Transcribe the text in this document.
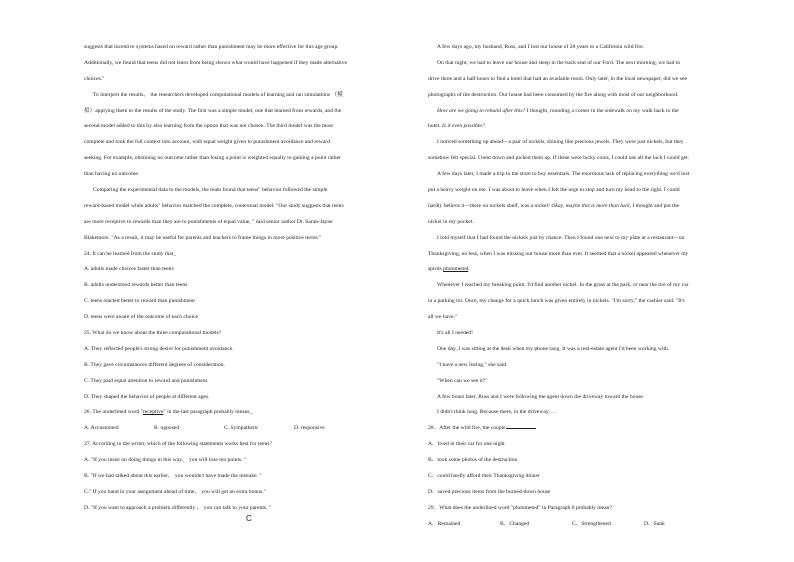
suggests that incentive systems based on reward rather than punishment may be more effective for this age group.
Additionally, we found that teens did not learn from being shown what would have happened if they made alternative
choices."
To interpret the results， the researchers developed computational models of learning and ran simulations （模
拟）applying them to the results of the study. The first was a simple model, one that learned from rewards, and the
second model added to this by also learning from the option that was not chosen. The third model was the most
complete and took the full context into account, with equal weight given to punishment avoidance and reward
seeking. For example, obtaining no outcome rather than losing a point is weighted equally to gaining a point rather
than having no outcome.
Comparing the experimental data to the models, the team found that teens" behavior followed the simple
reward-based model while adults" behavior matched the complete, contextual model. "Our study suggests that teens
are more receptive to rewards than they are to punishments of equal value, " said senior author Dr. Sarah-Jayne
Blakemore. "As a result, it may be useful for parents and teachers to frame things in more positive terms."
24. It can be learned from the study that_
A. adults made choices faster than teens
B. adults understood rewards better than teens
C. teens reacted better to reward than punishment
D. teens were aware of the outcome of each choice
25. What do we know about the three computational models?
A. They reflected people's strong desire for punishment avoidance.
B. They gave circumstances different degrees of consideration.
C. They paid equal attention to reward and punishment.
D. They shaped the behavior of people at different ages.
26. The underlined word "receptive" in the last paragraph probably means_
A. Accustomed	B. opposed	C. Sympathetic	D. responsive
27. According to the writer, which of the following statements works best for teens?
A. "If you insist on doing things in this way， you will lose ten points. "
B. "If we had talked about this earlier， you wouldn't have made the mistake. "
C." If you hand in your assignment ahead of time， you will get an extra bonus."
D. "If you want to approach a problem differently ， you can talk to your parents. "
A few days ago, my husband, Russ, and I lost our house of 28 years to a California wild fire.
On that night, we had to leave our house and sleep in the back seat of our Ford. The next morning, we had to
drive three and a half hours to find a hotel that had an available room. Only later, in the local newspaper, did we see
photographs of the destruction. Our house had been consumed by the fire along with most of our neighborhood.
How are we going to rebuild after this? I thought, rounding a corner in the sidewalk on my walk back to the
hotel. Is it even possible?
I noticed something up ahead—a pair of nickels, shining like precious jewels. They were just nickels, but they
somehow felt special. I bent down and picked them up. If these were lucky coins, I could use all the luck I could get.
A few days later, I made a trip to the store to buy essentials. The enormous task of replacing everything we'd lost
put a heavy weight on me. I was about to leave when I felt the urge to stop and turn my head to the right. I could
hardly believe it—there on nickels shelf, was a nickel! Okay, maybe this is more than luck, I thought and put the
nickel in my pocket.
I told myself that I had found the nickels just by chance. Then I found one next to my plate at a restaurant—on
Thanksgiving, no less, when I was missing our house more than ever. It seemed that a nickel appeared whenever my
spirits plummeted.
Whenever I reached my breaking point, I'd find another nickel. In the grass at the park, or near the tire of my car
in a parking lot. Once, my change for a quick lunch was given entirely in nickels. "I'm sorry," the cashier said. "It's
all we have."
It's all I needed!
One day, I was sitting at the desk when my phone rang. It was a real-estate agent I'd been working with.
"I have a new listing," she said.
"When can we see it?"
A few hours later, Russ and I were following the agent down the driveway toward the house.
I didn't think long. Because there, in the driveway, …
28．After the wild fire, the couple
A．lived in their car for one night
B．took some photos of the destruction
C．could hardly afford their Thanksgiving dinner
D．saved precious items from the burned-down house
29．What does the underlined word "plummeted" in Paragraph 6 probably mean?
A．Remained	B．Changed	C．Strengthened	D．Sank
C
